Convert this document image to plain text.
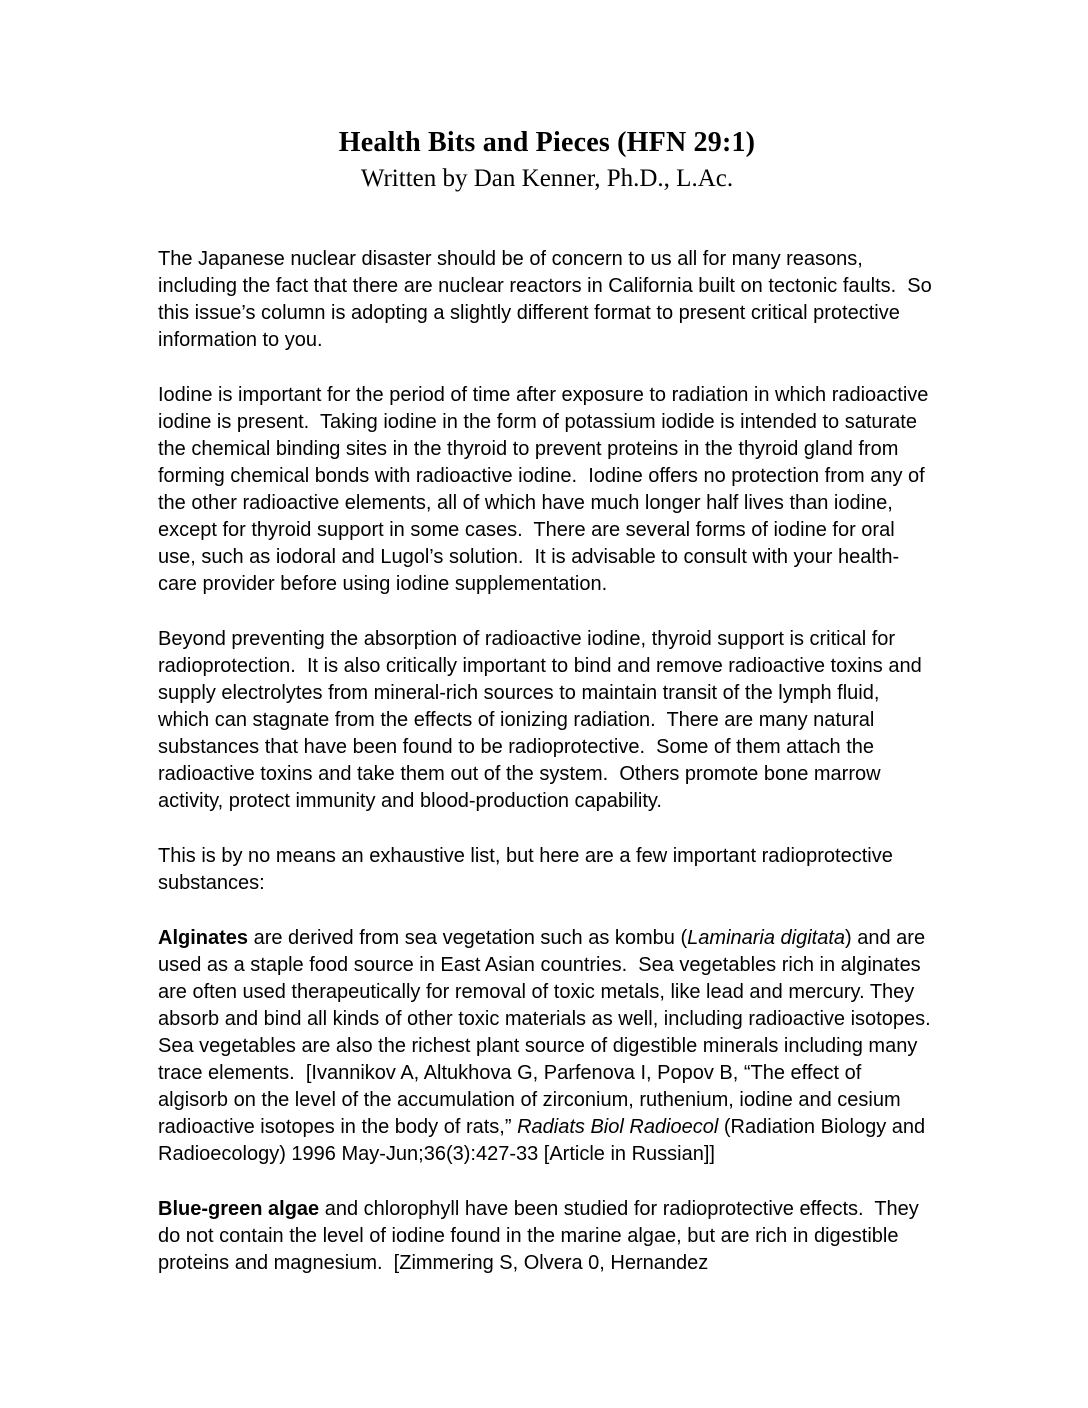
Health Bits and Pieces (HFN 29:1)
Written by Dan Kenner, Ph.D., L.Ac.

The Japanese nuclear disaster should be of concern to us all for many reasons, including the fact that there are nuclear reactors in California built on tectonic faults.  So this issue’s column is adopting a slightly different format to present critical protective information to you.

Iodine is important for the period of time after exposure to radiation in which radioactive iodine is present.  Taking iodine in the form of potassium iodide is intended to saturate the chemical binding sites in the thyroid to prevent proteins in the thyroid gland from forming chemical bonds with radioactive iodine.  Iodine offers no protection from any of the other radioactive elements, all of which have much longer half lives than iodine, except for thyroid support in some cases.  There are several forms of iodine for oral use, such as iodoral and Lugol’s solution.  It is advisable to consult with your health-care provider before using iodine supplementation.

Beyond preventing the absorption of radioactive iodine, thyroid support is critical for radioprotection.  It is also critically important to bind and remove radioactive toxins and supply electrolytes from mineral-rich sources to maintain transit of the lymph fluid, which can stagnate from the effects of ionizing radiation.  There are many natural substances that have been found to be radioprotective.  Some of them attach the radioactive toxins and take them out of the system.  Others promote bone marrow activity, protect immunity and blood-production capability.

This is by no means an exhaustive list, but here are a few important radioprotective substances:

Alginates are derived from sea vegetation such as kombu (Laminaria digitata) and are used as a staple food source in East Asian countries.  Sea vegetables rich in alginates are often used therapeutically for removal of toxic metals, like lead and mercury. They absorb and bind all kinds of other toxic materials as well, including radioactive isotopes.  Sea vegetables are also the richest plant source of digestible minerals including many trace elements.  [Ivannikov A, Altukhova G, Parfenova I, Popov B, “The effect of algisorb on the level of the accumulation of zirconium, ruthenium, iodine and cesium radioactive isotopes in the body of rats,” Radiats Biol Radioecol (Radiation Biology and Radioecology) 1996 May-Jun;36(3):427-33 [Article in Russian]]

Blue-green algae and chlorophyll have been studied for radioprotective effects.  They do not contain the level of iodine found in the marine algae, but are rich in digestible proteins and magnesium.  [Zimmering S, Olvera 0, Hernandez
